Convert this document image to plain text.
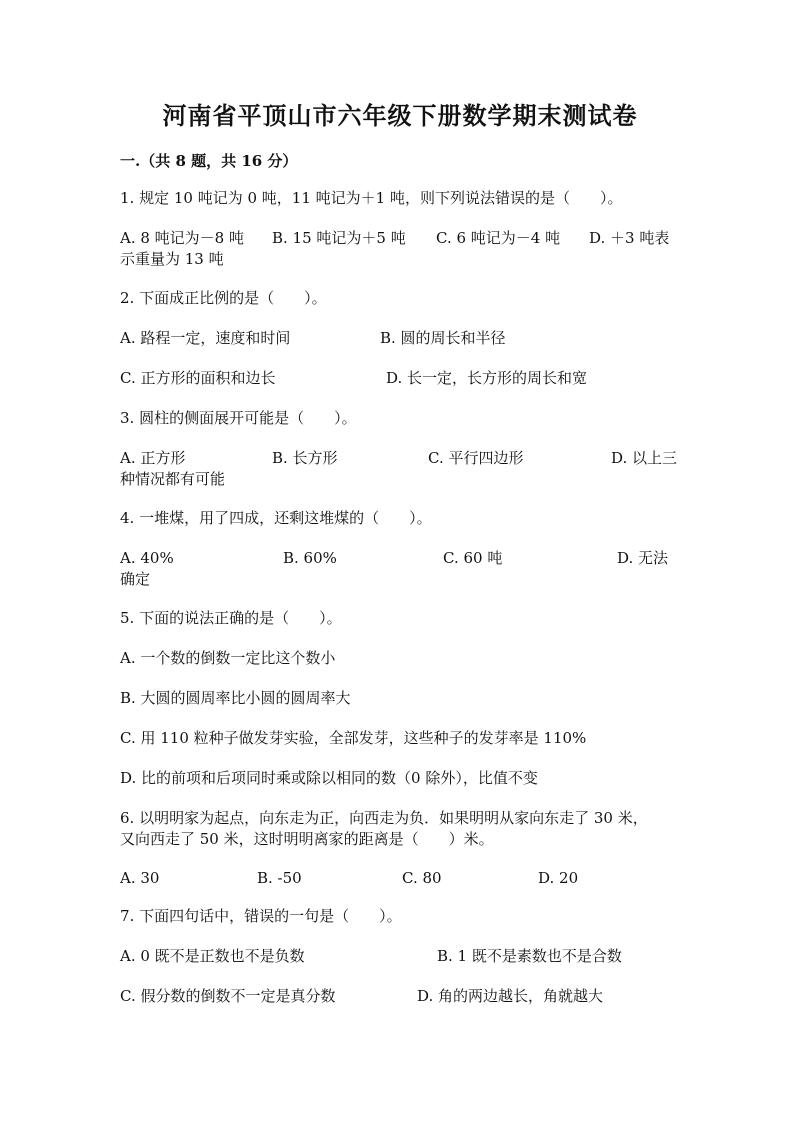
河南省平顶山市六年级下册数学期末测试卷
一.（共 8 题，共 16 分）
1. 规定 10 吨记为 0 吨，11 吨记为＋1 吨，则下列说法错误的是（　　）。
A. 8 吨记为－8 吨 B. 15 吨记为＋5 吨 C. 6 吨记为－4 吨 D. ＋3 吨表
示重量为 13 吨
2. 下面成正比例的是（　　）。
A. 路程一定，速度和时间	B. 圆的周长和半径
C. 正方形的面积和边长	D. 长一定，长方形的周长和宽
3. 圆柱的侧面展开可能是（　　）。
A. 正方形	B. 长方形	C. 平行四边形	D. 以上三
种情况都有可能
4. 一堆煤，用了四成，还剩这堆煤的（　　）。
A. 40%	B. 60%	C. 60 吨	D. 无法
确定
5. 下面的说法正确的是（　　）。
A. 一个数的倒数一定比这个数小
B. 大圆的圆周率比小圆的圆周率大
C. 用 110 粒种子做发芽实验，全部发芽，这些种子的发芽率是 110%
D. 比的前项和后项同时乘或除以相同的数（0 除外），比值不变
6. 以明明家为起点，向东走为正，向西走为负．如果明明从家向东走了 30 米，
又向西走了 50 米，这时明明离家的距离是（　　）米。
A. 30	B. -50	C. 80	D. 20
7. 下面四句话中，错误的一句是（　　）。
A. 0 既不是正数也不是负数	B. 1 既不是素数也不是合数
C. 假分数的倒数不一定是真分数	D. 角的两边越长，角就越大
